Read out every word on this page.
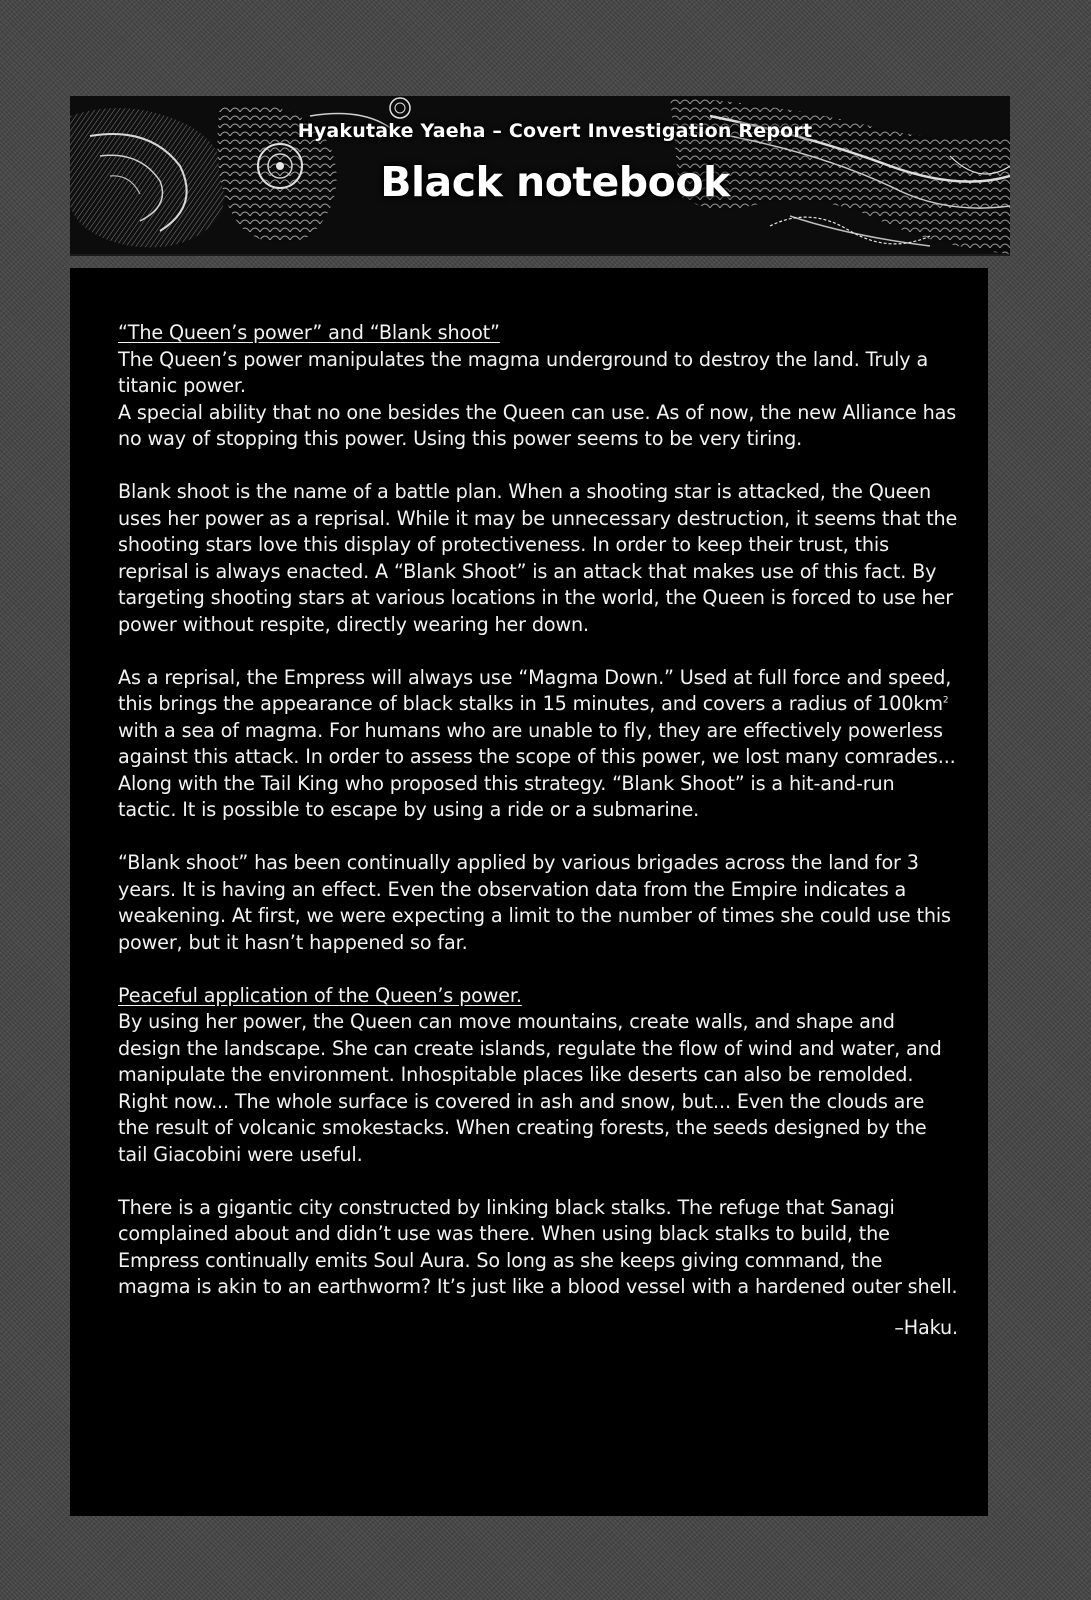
Hyakutake Yaeha – Covert Investigation Report
Black notebook
“The Queen’s power” and “Blank shoot”

The Queen’s power manipulates the magma underground to destroy the land. Truly a titanic power.

A special ability that no one besides the Queen can use. As of now, the new Alliance has no way of stopping this power. Using this power seems to be very tiring.

Blank shoot is the name of a battle plan. When a shooting star is attacked, the Queen uses her power as a reprisal. While it may be unnecessary destruction, it seems that the shooting stars love this display of protectiveness. In order to keep their trust, this reprisal is always enacted. A “Blank Shoot” is an attack that makes use of this fact. By targeting shooting stars at various locations in the world, the Queen is forced to use her power without respite, directly wearing her down.

As a reprisal, the Empress will always use “Magma Down.” Used at full force and speed, this brings the appearance of black stalks in 15 minutes, and covers a radius of $100km^2$ with a sea of magma. For humans who are unable to fly, they are effectively powerless against this attack. In order to assess the scope of this power, we lost many comrades... Along with the Tail King who proposed this strategy. “Blank Shoot” is a hit-and-run tactic. It is possible to escape by using a ride or a submarine.

“Blank shoot” has been continually applied by various brigades across the land for 3 years. It is having an effect. Even the observation data from the Empire indicates a weakening. At first, we were expecting a limit to the number of times she could use this power, but it hasn’t happened so far.

Peaceful application of the Queen’s power.

By using her power, the Queen can move mountains, create walls, and shape and design the landscape. She can create islands, regulate the flow of wind and water, and manipulate the environment. Inhospitable places like deserts can also be remolded. Right now... The whole surface is covered in ash and snow, but... Even the clouds are the result of volcanic smokestacks. When creating forests, the seeds designed by the tail Giacobini were useful.

There is a gigantic city constructed by linking black stalks. The refuge that Sanagi complained about and didn’t use was there. When using black stalks to build, the Empress continually emits Soul Aura. So long as she keeps giving command, the magma is akin to an earthworm? It’s just like a blood vessel with a hardened outer shell.

–Haku.
